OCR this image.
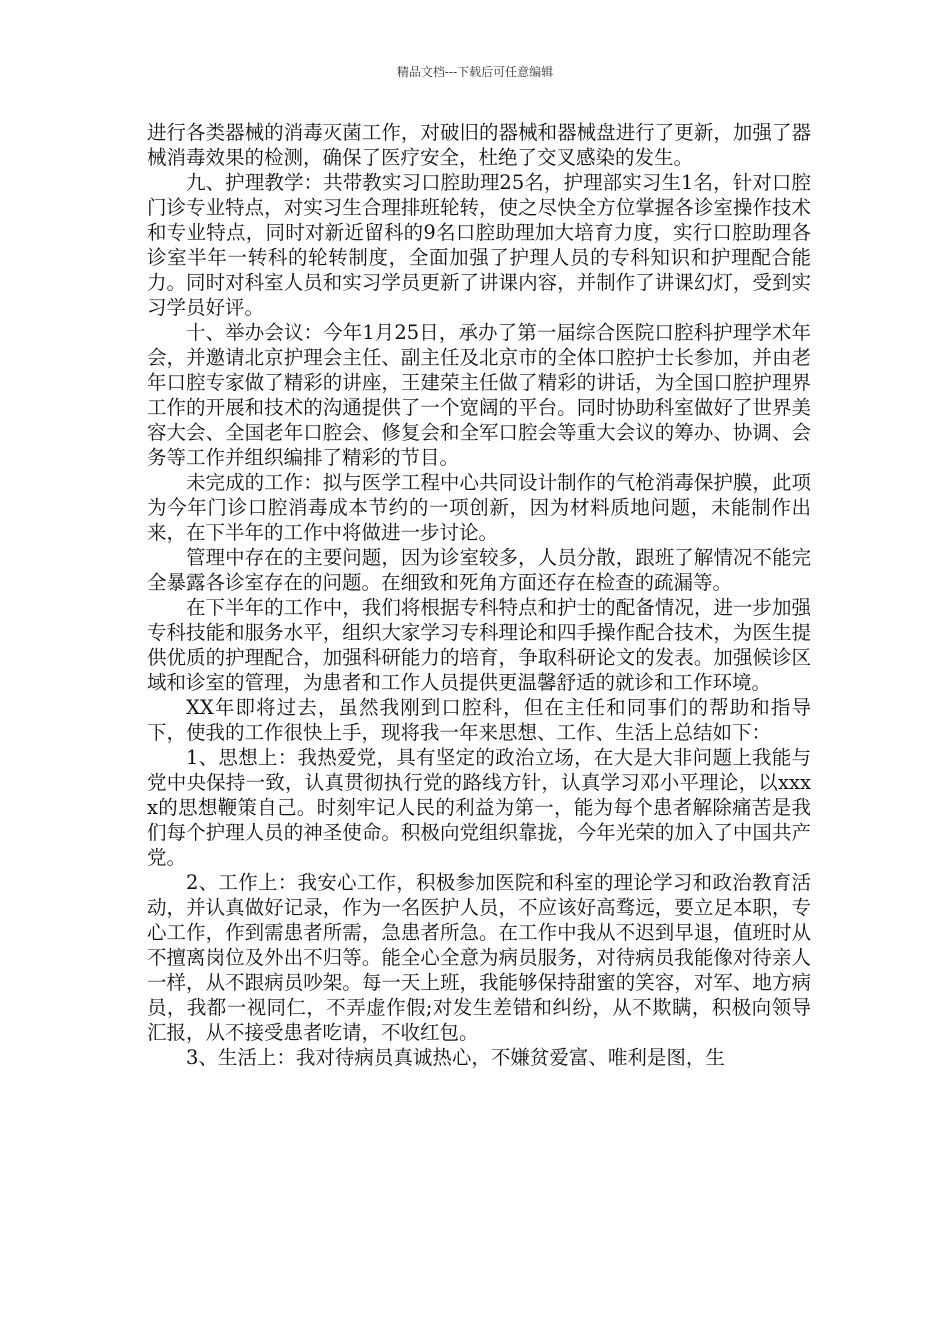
精品文档---下载后可任意编辑

进行各类器械的消毒灭菌工作，对破旧的器械和器械盘进行了更新，加强了器械消毒效果的检测，确保了医疗安全，杜绝了交叉感染的发生。

九、护理教学：共带教实习口腔助理25名，护理部实习生1名，针对口腔门诊专业特点，对实习生合理排班轮转，使之尽快全方位掌握各诊室操作技术和专业特点，同时对新近留科的9名口腔助理加大培育力度，实行口腔助理各诊室半年一转科的轮转制度，全面加强了护理人员的专科知识和护理配合能力。同时对科室人员和实习学员更新了讲课内容，并制作了讲课幻灯，受到实习学员好评。

十、举办会议：今年1月25日，承办了第一届综合医院口腔科护理学术年会，并邀请北京护理会主任、副主任及北京市的全体口腔护士长参加，并由老年口腔专家做了精彩的讲座，王建荣主任做了精彩的讲话，为全国口腔护理界工作的开展和技术的沟通提供了一个宽阔的平台。同时协助科室做好了世界美容大会、全国老年口腔会、修复会和全军口腔会等重大会议的筹办、协调、会务等工作并组织编排了精彩的节目。

未完成的工作：拟与医学工程中心共同设计制作的气枪消毒保护膜，此项为今年门诊口腔消毒成本节约的一项创新，因为材料质地问题，未能制作出来，在下半年的工作中将做进一步讨论。

管理中存在的主要问题，因为诊室较多，人员分散，跟班了解情况不能完全暴露各诊室存在的问题。在细致和死角方面还存在检查的疏漏等。

在下半年的工作中，我们将根据专科特点和护士的配备情况，进一步加强专科技能和服务水平，组织大家学习专科理论和四手操作配合技术，为医生提供优质的护理配合，加强科研能力的培育，争取科研论文的发表。加强候诊区域和诊室的管理，为患者和工作人员提供更温馨舒适的就诊和工作环境。

XX年即将过去，虽然我刚到口腔科，但在主任和同事们的帮助和指导下，使我的工作很快上手，现将我一年来思想、工作、生活上总结如下：

1、思想上：我热爱党，具有坚定的政治立场，在大是大非问题上我能与党中央保持一致，认真贯彻执行党的路线方针，认真学习邓小平理论，以xxxx的思想鞭策自己。时刻牢记人民的利益为第一，能为每个患者解除痛苦是我们每个护理人员的神圣使命。积极向党组织靠拢，今年光荣的加入了中国共产党。

2、工作上：我安心工作，积极参加医院和科室的理论学习和政治教育活动，并认真做好记录，作为一名医护人员，不应该好高骛远，要立足本职，专心工作，作到需患者所需，急患者所急。在工作中我从不迟到早退，值班时从不擅离岗位及外出不归等。能全心全意为病员服务，对待病员我能像对待亲人一样，从不跟病员吵架。每一天上班，我能够保持甜蜜的笑容，对军、地方病员，我都一视同仁，不弄虚作假;对发生差错和纠纷，从不欺瞒，积极向领导汇报，从不接受患者吃请，不收红包。

3、生活上：我对待病员真诚热心，不嫌贫爱富、唯利是图，生
